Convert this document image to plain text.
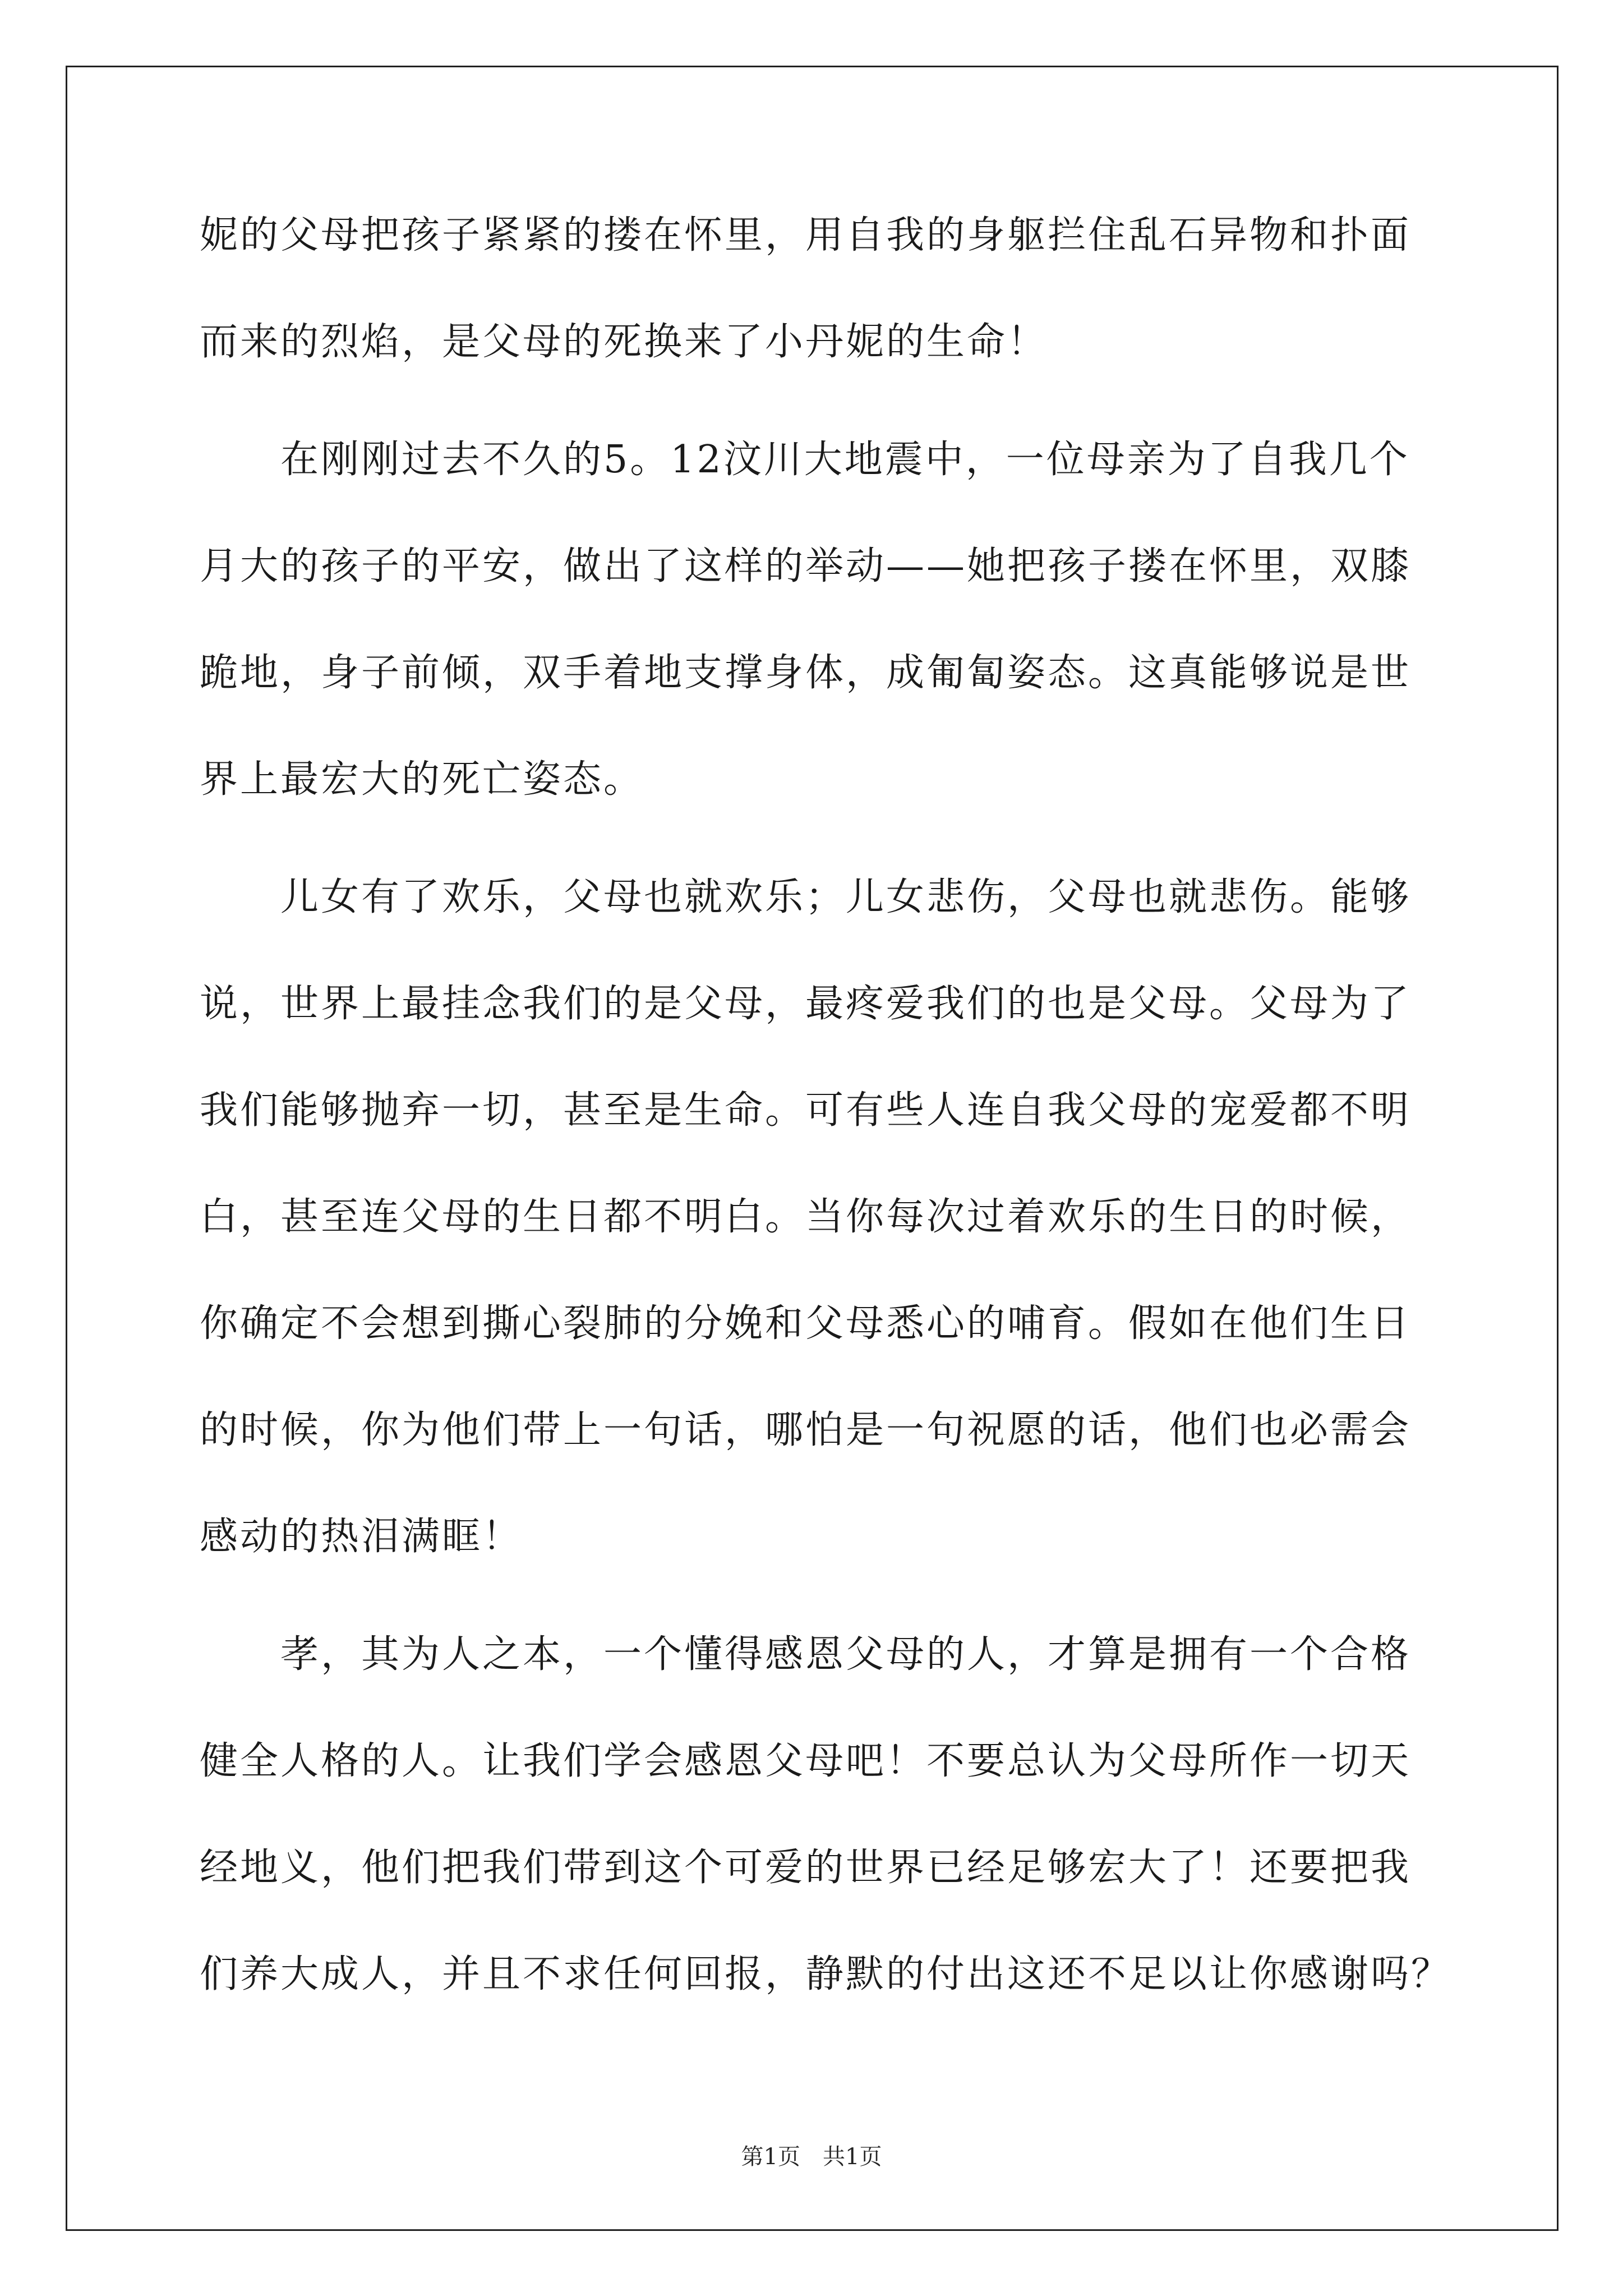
妮的父母把孩子紧紧的搂在怀里，用自我的身躯拦住乱石异物和扑面
而来的烈焰，是父母的死换来了小丹妮的生命！
　　在刚刚过去不久的5。12汶川大地震中，一位母亲为了自我几个
月大的孩子的平安，做出了这样的举动——她把孩子搂在怀里，双膝
跪地，身子前倾，双手着地支撑身体，成匍匐姿态。这真能够说是世
界上最宏大的死亡姿态。
　　儿女有了欢乐，父母也就欢乐；儿女悲伤，父母也就悲伤。能够
说，世界上最挂念我们的是父母，最疼爱我们的也是父母。父母为了
我们能够抛弃一切，甚至是生命。可有些人连自我父母的宠爱都不明
白，甚至连父母的生日都不明白。当你每次过着欢乐的生日的时候，
你确定不会想到撕心裂肺的分娩和父母悉心的哺育。假如在他们生日
的时候，你为他们带上一句话，哪怕是一句祝愿的话，他们也必需会
感动的热泪满眶！
　　孝，其为人之本，一个懂得感恩父母的人，才算是拥有一个合格
健全人格的人。让我们学会感恩父母吧！不要总认为父母所作一切天
经地义，他们把我们带到这个可爱的世界已经足够宏大了！还要把我
们养大成人，并且不求任何回报，静默的付出这还不足以让你感谢吗？
第1页　共1页
